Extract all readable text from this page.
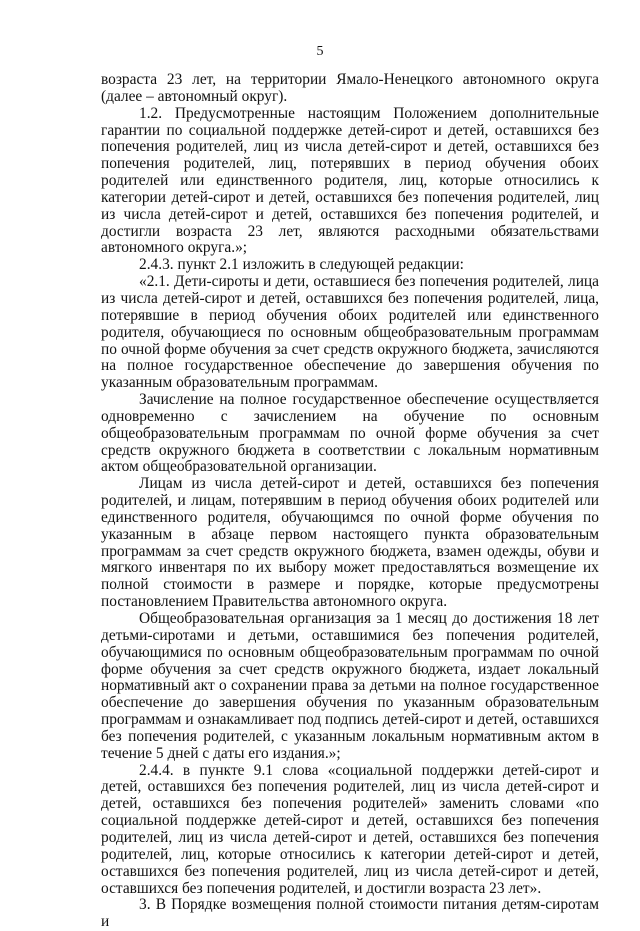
5

возраста 23 лет, на территории Ямало-Ненецкого автономного округа (далее – автономный округ).

1.2. Предусмотренные настоящим Положением дополнительные гарантии по социальной поддержке детей-сирот и детей, оставшихся без попечения родителей, лиц из числа детей-сирот и детей, оставшихся без попечения родителей, лиц, потерявших в период обучения обоих родителей или единственного родителя, лиц, которые относились к категории детей-сирот и детей, оставшихся без попечения родителей, лиц из числа детей-сирот и детей, оставшихся без попечения родителей, и достигли возраста 23 лет, являются расходными обязательствами автономного округа.»;

2.4.3. пункт 2.1 изложить в следующей редакции:

«2.1. Дети-сироты и дети, оставшиеся без попечения родителей, лица из числа детей-сирот и детей, оставшихся без попечения родителей, лица, потерявшие в период обучения обоих родителей или единственного родителя, обучающиеся по основным общеобразовательным программам по очной форме обучения за счет средств окружного бюджета, зачисляются на полное государственное обеспечение до завершения обучения по указанным образовательным программам.

Зачисление на полное государственное обеспечение осуществляется одновременно с зачислением на обучение по основным общеобразовательным программам по очной форме обучения за счет средств окружного бюджета в соответствии с локальным нормативным актом общеобразовательной организации.

Лицам из числа детей-сирот и детей, оставшихся без попечения родителей, и лицам, потерявшим в период обучения обоих родителей или единственного родителя, обучающимся по очной форме обучения по указанным в абзаце первом настоящего пункта образовательным программам за счет средств окружного бюджета, взамен одежды, обуви и мягкого инвентаря по их выбору может предоставляться возмещение их полной стоимости в размере и порядке, которые предусмотрены постановлением Правительства автономного округа.

Общеобразовательная организация за 1 месяц до достижения 18 лет детьми-сиротами и детьми, оставшимися без попечения родителей, обучающимися по основным общеобразовательным программам по очной форме обучения за счет средств окружного бюджета, издает локальный нормативный акт о сохранении права за детьми на полное государственное обеспечение до завершения обучения по указанным образовательным программам и ознакамливает под подпись детей-сирот и детей, оставшихся без попечения родителей, с указанным локальным нормативным актом в течение 5 дней с даты его издания.»;

2.4.4. в пункте 9.1 слова «социальной поддержки детей-сирот и детей, оставшихся без попечения родителей, лиц из числа детей-сирот и детей, оставшихся без попечения родителей» заменить словами «по социальной поддержке детей-сирот и детей, оставшихся без попечения родителей, лиц из числа детей-сирот и детей, оставшихся без попечения родителей, лиц, которые относились к категории детей-сирот и детей, оставшихся без попечения родителей, лиц из числа детей-сирот и детей, оставшихся без попечения родителей, и достигли возраста 23 лет».

3. В Порядке возмещения полной стоимости питания детям-сиротам и
